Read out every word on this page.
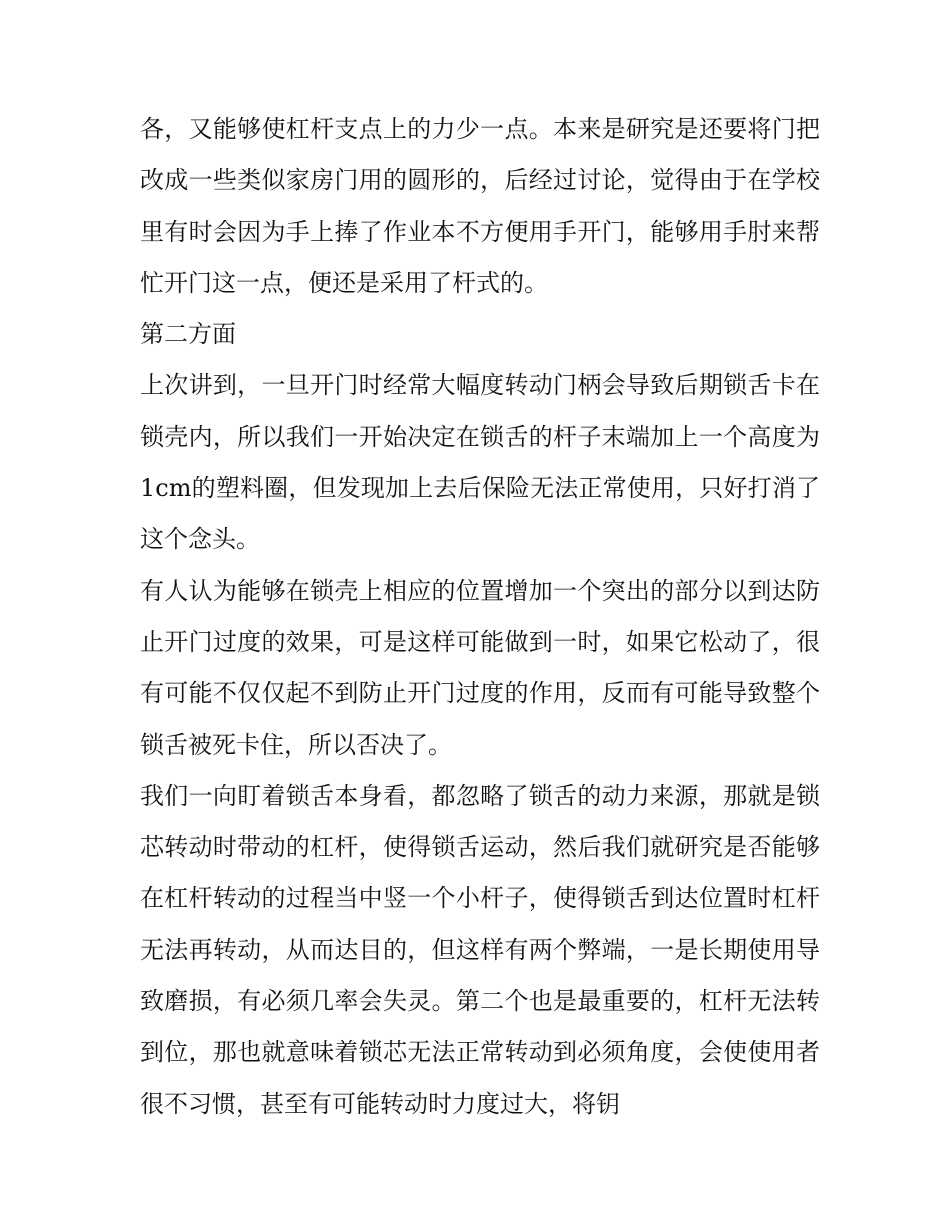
各，又能够使杠杆支点上的力少一点。本来是研究是还要将门把改成一些类似家房门用的圆形的，后经过讨论，觉得由于在学校里有时会因为手上捧了作业本不方便用手开门，能够用手肘来帮忙开门这一点，便还是采用了杆式的。

第二方面

上次讲到，一旦开门时经常大幅度转动门柄会导致后期锁舌卡在锁壳内，所以我们一开始决定在锁舌的杆子末端加上一个高度为1cm的塑料圈，但发现加上去后保险无法正常使用，只好打消了这个念头。

有人认为能够在锁壳上相应的位置增加一个突出的部分以到达防止开门过度的效果，可是这样可能做到一时，如果它松动了，很有可能不仅仅起不到防止开门过度的作用，反而有可能导致整个锁舌被死卡住，所以否决了。

我们一向盯着锁舌本身看，都忽略了锁舌的动力来源，那就是锁芯转动时带动的杠杆，使得锁舌运动，然后我们就研究是否能够在杠杆转动的过程当中竖一个小杆子，使得锁舌到达位置时杠杆无法再转动，从而达目的，但这样有两个弊端，一是长期使用导致磨损，有必须几率会失灵。第二个也是最重要的，杠杆无法转到位，那也就意味着锁芯无法正常转动到必须角度，会使使用者很不习惯，甚至有可能转动时力度过大，将钥
